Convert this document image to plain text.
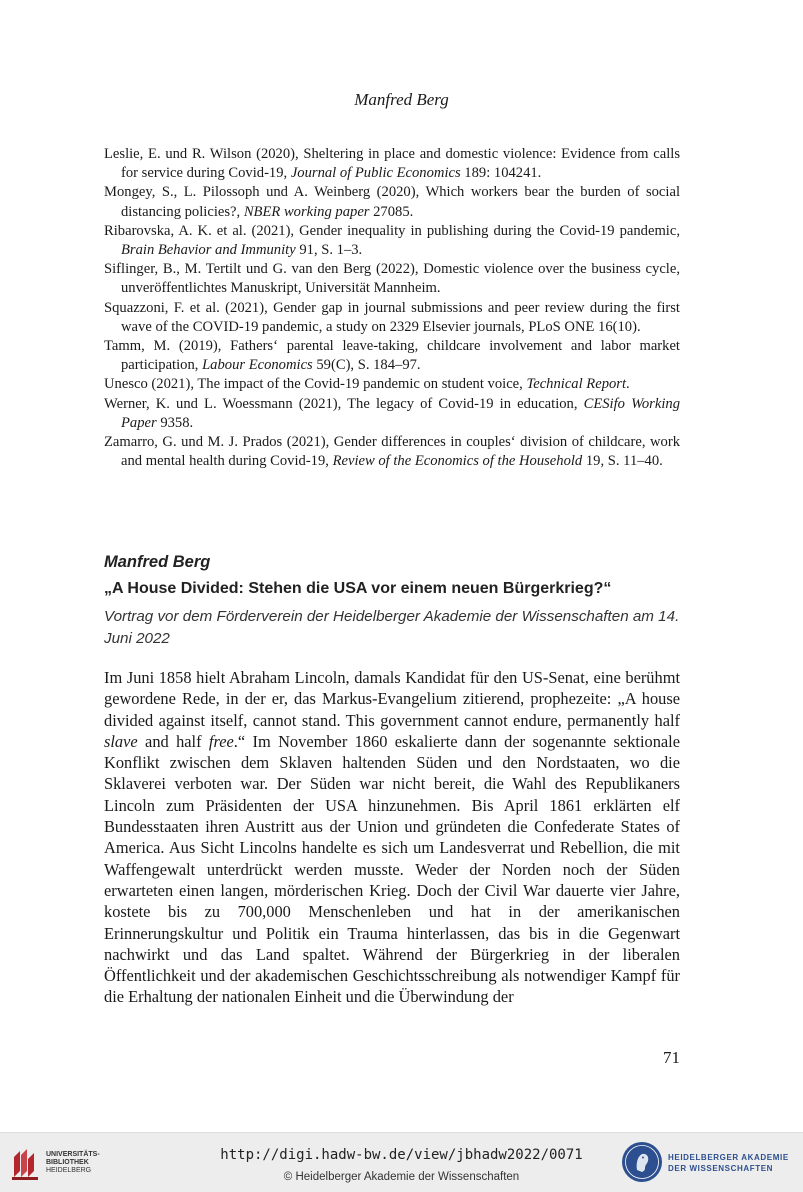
Manfred Berg
Leslie, E. und R. Wilson (2020), Sheltering in place and domestic violence: Evidence from calls for service during Covid-19, Journal of Public Economics 189: 104241.
Mongey, S., L. Pilossoph und A. Weinberg (2020), Which workers bear the burden of social distancing policies?, NBER working paper 27085.
Ribarovska, A. K. et al. (2021), Gender inequality in publishing during the Covid-19 pandemic, Brain Behavior and Immunity 91, S. 1–3.
Siflinger, B., M. Tertilt und G. van den Berg (2022), Domestic violence over the business cycle, unveröffentlichtes Manuskript, Universität Mannheim.
Squazzoni, F. et al. (2021), Gender gap in journal submissions and peer review during the first wave of the COVID-19 pandemic, a study on 2329 Elsevier journals, PLoS ONE 16(10).
Tamm, M. (2019), Fathers‘ parental leave-taking, childcare involvement and labor market participation, Labour Economics 59(C), S. 184–97.
Unesco (2021), The impact of the Covid-19 pandemic on student voice, Technical Report.
Werner, K. und L. Woessmann (2021), The legacy of Covid-19 in education, CESifo Working Paper 9358.
Zamarro, G. und M. J. Prados (2021), Gender differences in couples‘ division of childcare, work and mental health during Covid-19, Review of the Economics of the Household 19, S. 11–40.
Manfred Berg
„A House Divided: Stehen die USA vor einem neuen Bürgerkrieg?“
Vortrag vor dem Förderverein der Heidelberger Akademie der Wissenschaften am 14. Juni 2022
Im Juni 1858 hielt Abraham Lincoln, damals Kandidat für den US-Senat, eine berühmt gewordene Rede, in der er, das Markus-Evangelium zitierend, prophezeite: „A house divided against itself, cannot stand. This government cannot endure, permanently half slave and half free.“ Im November 1860 eskalierte dann der sogenannte sektionale Konflikt zwischen dem Sklaven haltenden Süden und den Nordstaaten, wo die Sklaverei verboten war. Der Süden war nicht bereit, die Wahl des Republikaners Lincoln zum Präsidenten der USA hinzunehmen. Bis April 1861 erklärten elf Bundesstaaten ihren Austritt aus der Union und gründeten die Confederate States of America. Aus Sicht Lincolns handelte es sich um Landesverrat und Rebellion, die mit Waffengewalt unterdrückt werden musste. Weder der Norden noch der Süden erwarteten einen langen, mörderischen Krieg. Doch der Civil War dauerte vier Jahre, kostete bis zu 700,000 Menschenleben und hat in der amerikanischen Erinnerungskultur und Politik ein Trauma hinterlassen, das bis in die Gegenwart nachwirkt und das Land spaltet. Während der Bürgerkrieg in der liberalen Öffentlichkeit und der akademischen Geschichtsschreibung als notwendiger Kampf für die Erhaltung der nationalen Einheit und die Überwindung der
71
UNIVERSITÄTS-
BIBLIOTHEK
HEIDELBERG
http://digi.hadw-bw.de/view/jbhadw2022/0071
© Heidelberger Akademie der Wissenschaften
HEIDELBERGER AKADEMIE
DER WISSENSCHAFTEN
